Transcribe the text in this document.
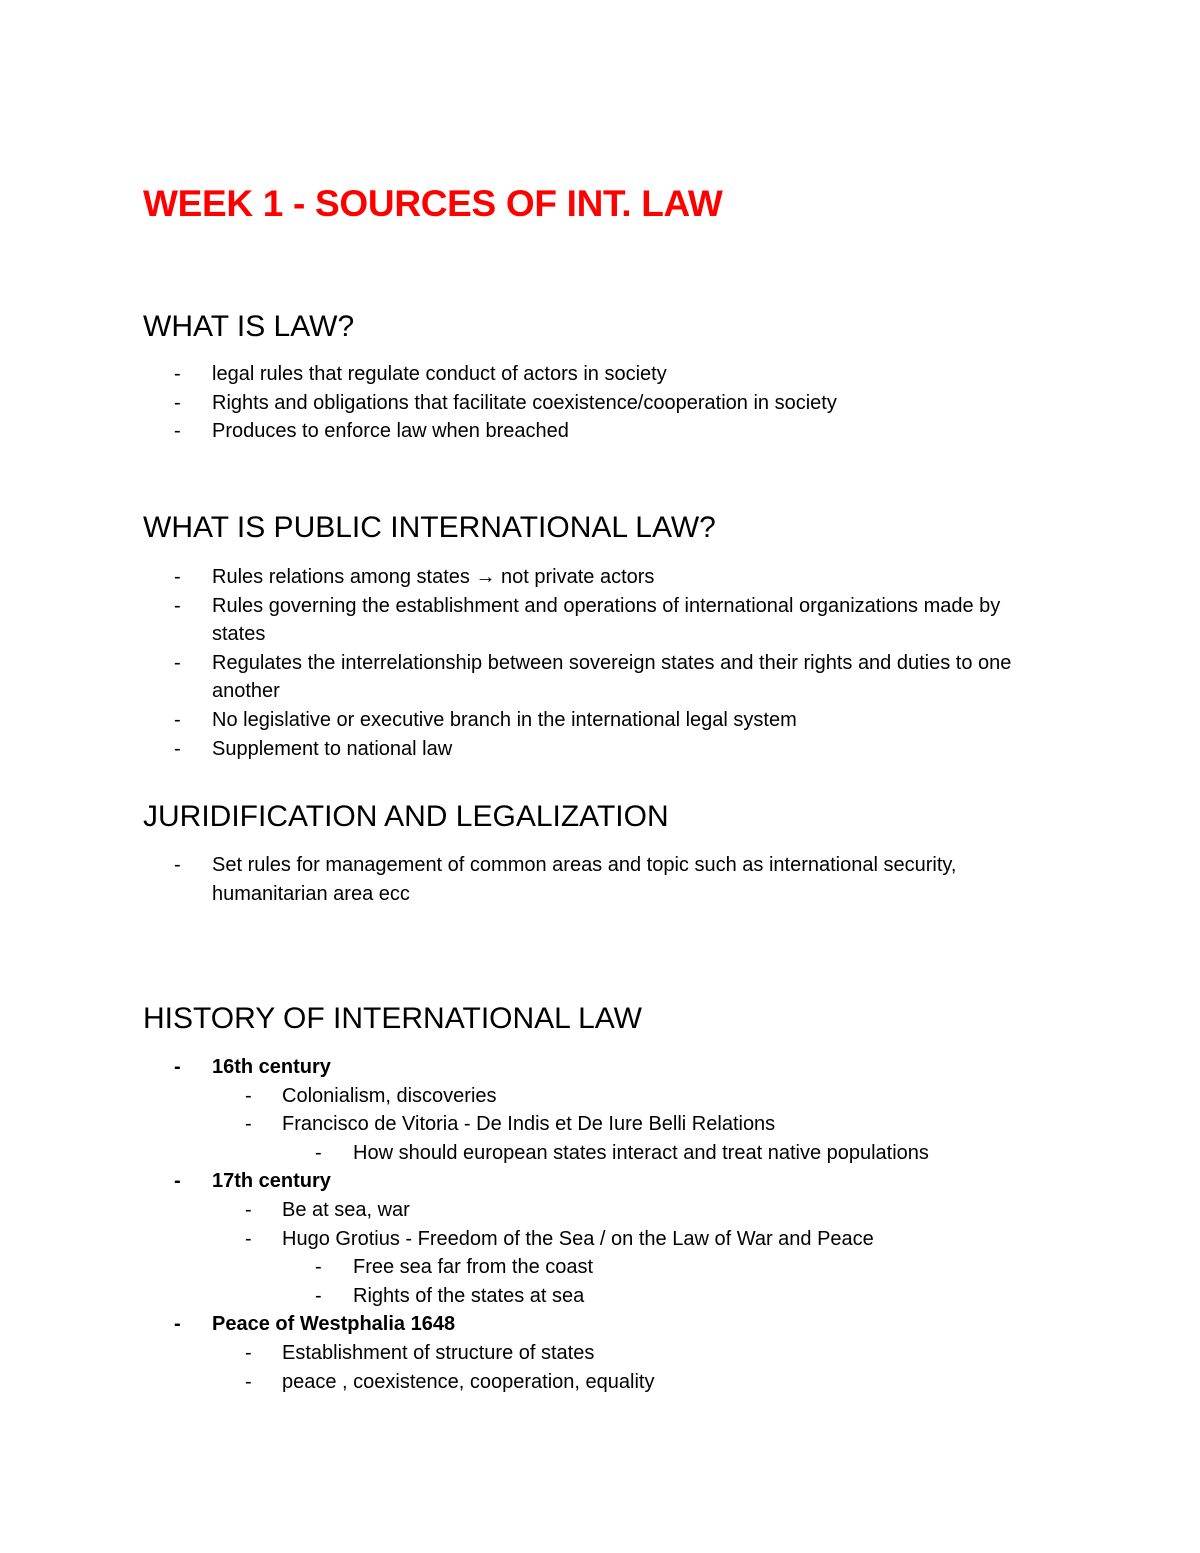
WEEK 1 - SOURCES OF INT. LAW
WHAT IS LAW?
- legal rules that regulate conduct of actors in society
- Rights and obligations that facilitate coexistence/cooperation in society
- Produces to enforce law when breached
WHAT IS PUBLIC INTERNATIONAL LAW?
- Rules relations among states → not private actors
- Rules governing the establishment and operations of international organizations made by states
- Regulates the interrelationship between sovereign states and their rights and duties to one another
- No legislative or executive branch in the international legal system
- Supplement to national law
JURIDIFICATION AND LEGALIZATION
- Set rules for management of common areas and topic such as international security, humanitarian area ecc
HISTORY OF INTERNATIONAL LAW
- 16th century
- Colonialism, discoveries
- Francisco de Vitoria - De Indis et De Iure Belli Relations
- How should european states interact and treat native populations
- 17th century
- Be at sea, war
- Hugo Grotius - Freedom of the Sea / on the Law of War and Peace
- Free sea far from the coast
- Rights of the states at sea
- Peace of Westphalia 1648
- Establishment of structure of states
- peace , coexistence, cooperation, equality
